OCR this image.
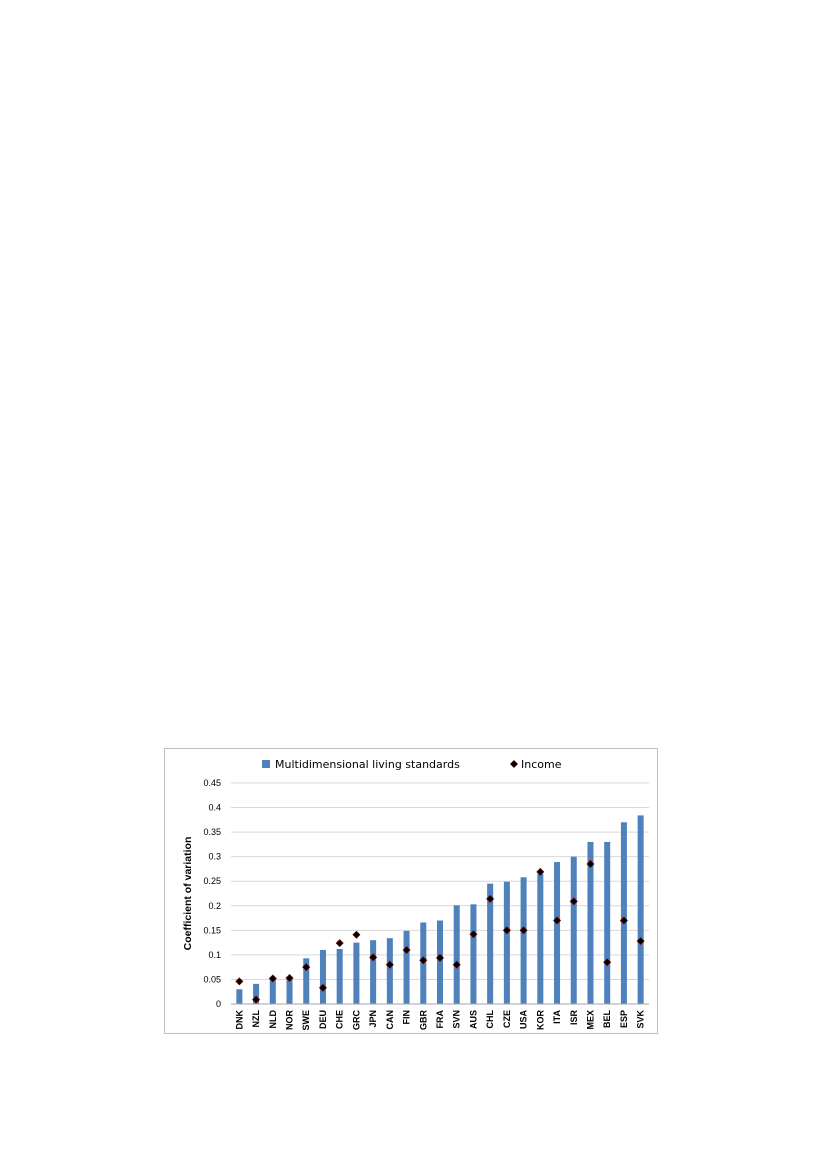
Multidimensional living standards	Income
Coefficient of variation
0
0.05
0.1
0.15
0.2
0.25
0.3
0.35
0.4
0.45
DNK NZL NLD NOR SWE DEU CHE GRC JPN CAN FIN GBR FRA SVN AUS CHL CZE USA KOR ITA ISR MEX BEL ESP SVK
